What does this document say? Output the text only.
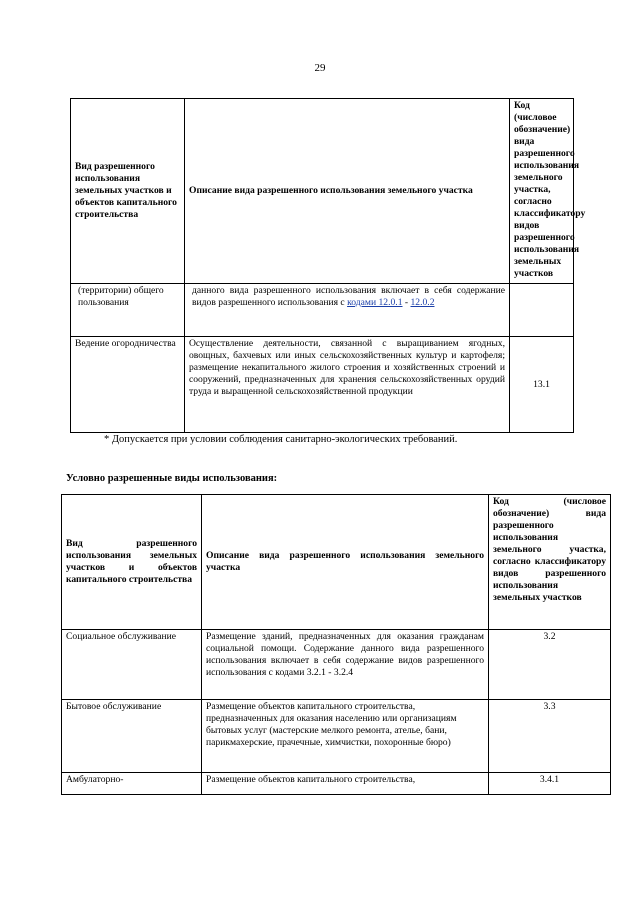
29
Вид разрешенного использования земельных участков и объектов капитального строительства	Описание вида разрешенного использования земельного участка	Код (числовое обозначение) вида разрешенного использования земельного участка, согласно классификатору видов разрешенного использования земельных участков
(территории) общего пользования	данного вида разрешенного использования включает в себя содержание видов разрешенного использования с кодами 12.0.1 - 12.0.2	
Ведение огородничества	Осуществление деятельности, связанной с выращиванием ягодных, овощных, бахчевых или иных сельскохозяйственных культур и картофеля; размещение некапитального жилого строения и хозяйственных строений и сооружений, предназначенных для хранения сельскохозяйственных орудий труда и выращенной сельскохозяйственной продукции	13.1
* Допускается при условии соблюдения санитарно-экологических требований.
Условно разрешенные виды использования:
Вид разрешенного использования земельных участков и объектов капитального строительства	Описание вида разрешенного использования земельного участка	Код (числовое обозначение) вида разрешенного использования земельного участка, согласно классификатору видов разрешенного использования земельных участков
Социальное обслуживание	Размещение зданий, предназначенных для оказания гражданам социальной помощи. Содержание данного вида разрешенного использования включает в себя содержание видов разрешенного использования с кодами 3.2.1 - 3.2.4	3.2
Бытовое обслуживание	Размещение объектов капитального строительства, предназначенных для оказания населению или организациям бытовых услуг (мастерские мелкого ремонта, ателье, бани, парикмахерские, прачечные, химчистки, похоронные бюро)	3.3
Амбулаторно-	Размещение объектов капитального строительства,	3.4.1
